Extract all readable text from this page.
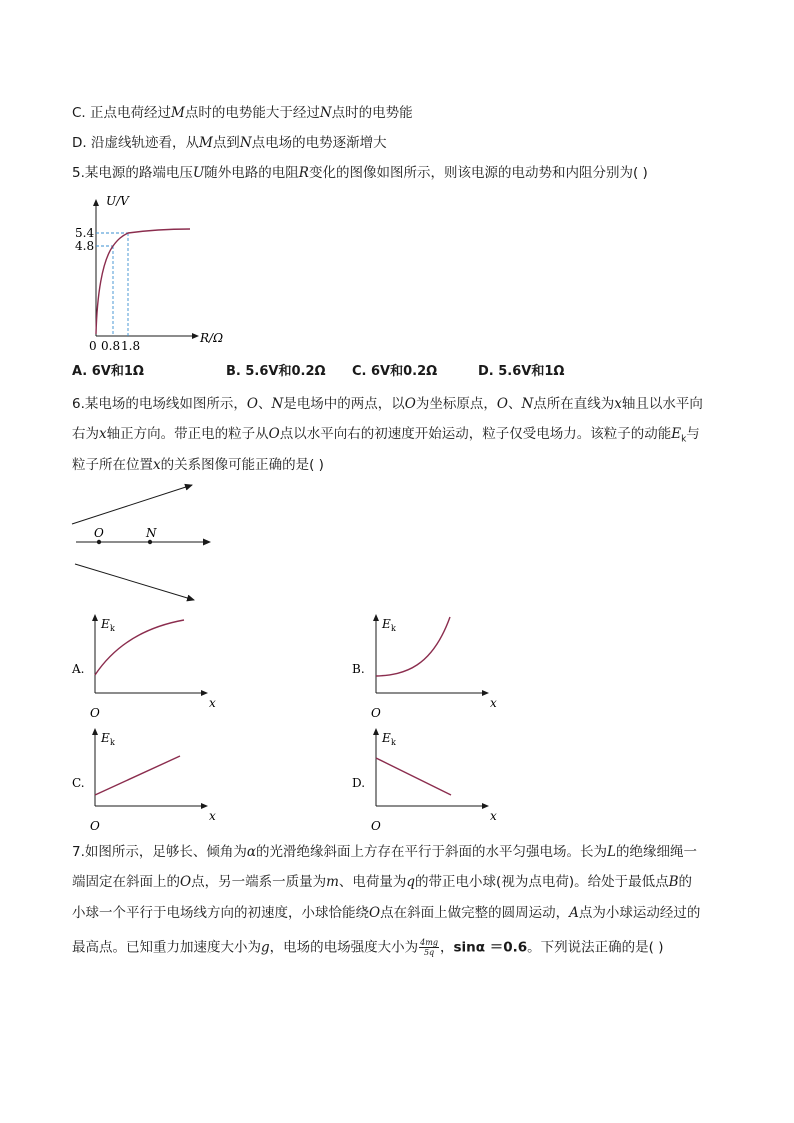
C. 正点电荷经过M点时的电势能大于经过N点时的电势能
D. 沿虚线轨迹看，从M点到N点电场的电势逐渐增大
5.某电源的路端电压U随外电路的电阻R变化的图像如图所示，则该电源的电动势和内阻分别为( )
U/V
5.4
4.8
0 0.8 1.8
R/Ω
A. 6V和1Ω	B. 5.6V和0.2Ω C. 6V和0.2Ω	D. 5.6V和1Ω
6.某电场的电场线如图所示，O、N是电场中的两点，以O为坐标原点，O、N点所在直线为x轴且以水平向
右为x轴正方向。带正电的粒子从O点以水平向右的初速度开始运动，粒子仅受电场力。该粒子的动能$E_k$与
粒子所在位置x的关系图像可能正确的是( )
O	N
E k
x
O
A.
E k
x
O
B.
E k
x
O
C.
E k
x
O
D.
7.如图所示，足够长、倾角为α的光滑绝缘斜面上方存在平行于斜面的水平匀强电场。长为L的绝缘细绳一
端固定在斜面上的O点，另一端系一质量为m、电荷量为q的带正电小球(视为点电荷)。给处于最低点B的
小球一个平行于电场线方向的初速度，小球恰能绕O点在斜面上做完整的圆周运动，A点为小球运动经过的
最高点。已知重力加速度大小为g，电场的电场强度大小为 $\frac{4mg}{5q}$ ，sinα ＝0.6。下列说法正确的是( )
